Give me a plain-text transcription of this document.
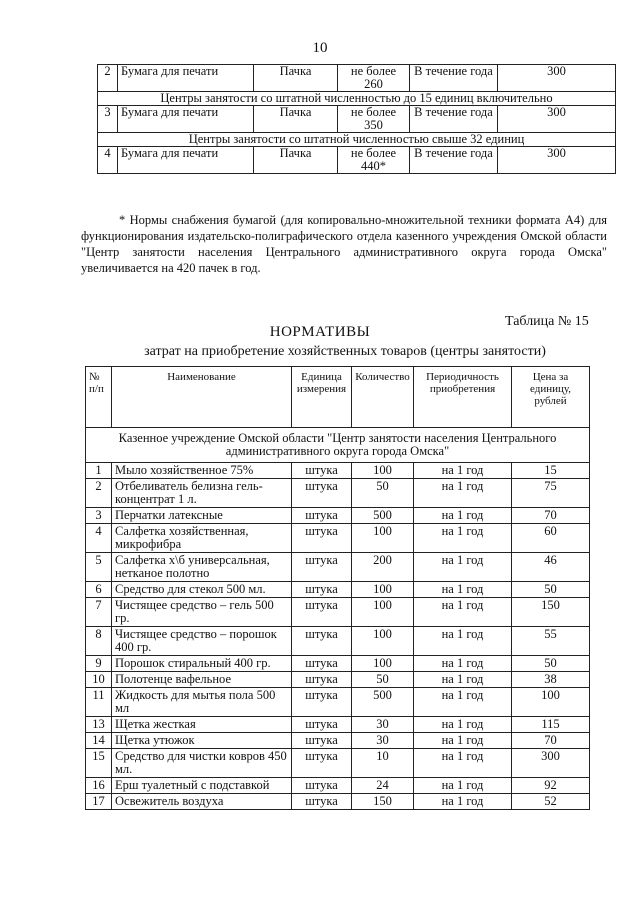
10
2	Бумага для печати	Пачка	не более 260	В течение года	300
Центры занятости со штатной численностью до 15 единиц включительно					
3	Бумага для печати	Пачка	не более 350	В течение года	300
Центры занятости со штатной численностью свыше 32 единиц					
4	Бумага для печати	Пачка	не более 440*	В течение года	300
* Нормы снабжения бумагой (для копировально-множительной техники формата А4) для функционирования издательско-полиграфического отдела казенного учреждения Омской области "Центр занятости населения Центрального административного округа города Омска" увеличивается на 420 пачек в год.
Таблица № 15
НОРМАТИВЫ
затрат на приобретение хозяйственных товаров (центры занятости)
№ п/п	Наименование	Единица измерения	Количество	Периодичность приобретения	Цена за единицу, рублей
Казенное учреждение Омской области "Центр занятости населения Центрального административного округа города Омска"					
1	Мыло хозяйственное 75%	штука	100	на 1 год	15
2	Отбеливатель белизна гель-концентрат 1 л.	штука	50	на 1 год	75
3	Перчатки латексные	штука	500	на 1 год	70
4	Салфетка хозяйственная, микрофибра	штука	100	на 1 год	60
5	Салфетка х\б универсальная, нетканое полотно	штука	200	на 1 год	46
6	Средство для стекол 500 мл.	штука	100	на 1 год	50
7	Чистящее средство – гель 500 гр.	штука	100	на 1 год	150
8	Чистящее средство – порошок 400 гр.	штука	100	на 1 год	55
9	Порошок стиральный 400 гр.	штука	100	на 1 год	50
10	Полотенце вафельное	штука	50	на 1 год	38
11	Жидкость для мытья пола 500 мл	штука	500	на 1 год	100
13	Щетка жесткая	штука	30	на 1 год	115
14	Щетка утюжок	штука	30	на 1 год	70
15	Средство для чистки ковров 450 мл.	штука	10	на 1 год	300
16	Ерш туалетный с подставкой	штука	24	на 1 год	92
17	Освежитель воздуха	штука	150	на 1 год	52
